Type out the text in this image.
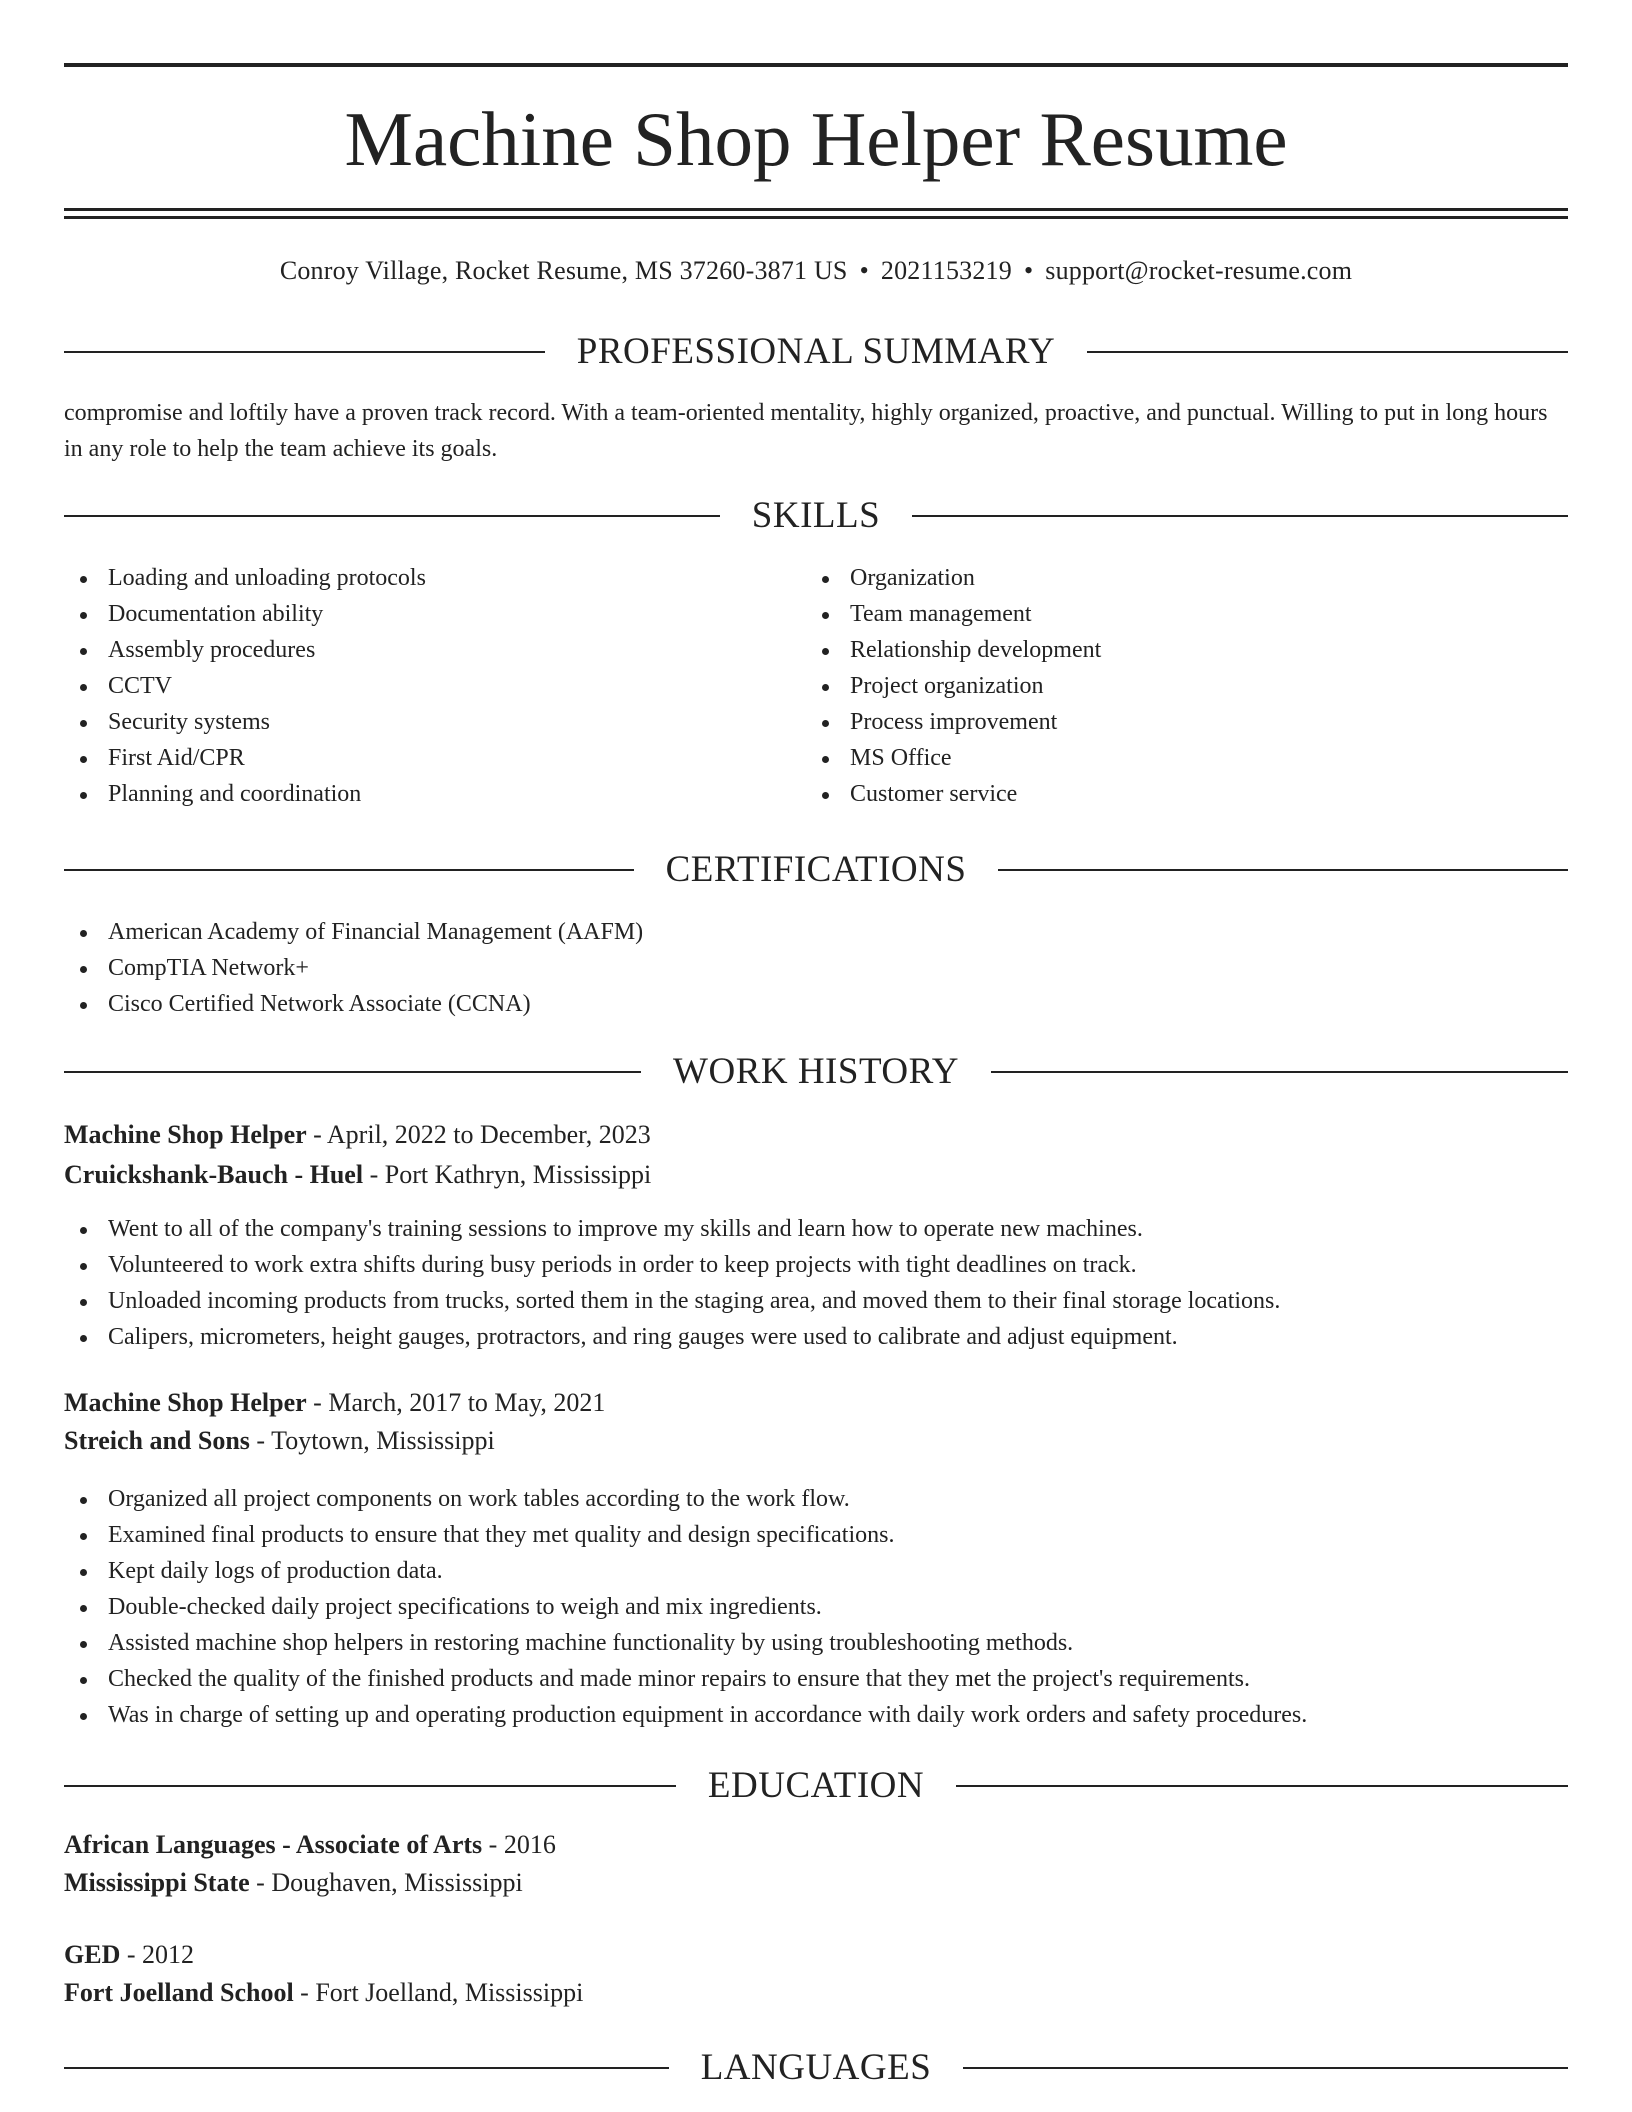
Machine Shop Helper Resume
Conroy Village, Rocket Resume, MS 37260-3871 US • 2021153219 • support@rocket-resume.com
PROFESSIONAL SUMMARY

compromise and loftily have a proven track record. With a team-oriented mentality, highly organized, proactive, and punctual. Willing to put in long hours in any role to help the team achieve its goals.

SKILLS
Loading and unloading protocols
Documentation ability
Assembly procedures
CCTV
Security systems
First Aid/CPR
Planning and coordination
Organization
Team management
Relationship development
Project organization
Process improvement
MS Office
Customer service
CERTIFICATIONS
American Academy of Financial Management (AAFM)
CompTIA Network+
Cisco Certified Network Associate (CCNA)
WORK HISTORY
Machine Shop Helper - April, 2022 to December, 2023
Cruickshank-Bauch - Huel - Port Kathryn, Mississippi
Went to all of the company's training sessions to improve my skills and learn how to operate new machines.
Volunteered to work extra shifts during busy periods in order to keep projects with tight deadlines on track.
Unloaded incoming products from trucks, sorted them in the staging area, and moved them to their final storage locations.
Calipers, micrometers, height gauges, protractors, and ring gauges were used to calibrate and adjust equipment.
Machine Shop Helper - March, 2017 to May, 2021
Streich and Sons - Toytown, Mississippi
Organized all project components on work tables according to the work flow.
Examined final products to ensure that they met quality and design specifications.
Kept daily logs of production data.
Double-checked daily project specifications to weigh and mix ingredients.
Assisted machine shop helpers in restoring machine functionality by using troubleshooting methods.
Checked the quality of the finished products and made minor repairs to ensure that they met the project's requirements.
Was in charge of setting up and operating production equipment in accordance with daily work orders and safety procedures.
EDUCATION
African Languages - Associate of Arts - 2016
Mississippi State - Doughaven, Mississippi
GED - 2012
Fort Joelland School - Fort Joelland, Mississippi
LANGUAGES
